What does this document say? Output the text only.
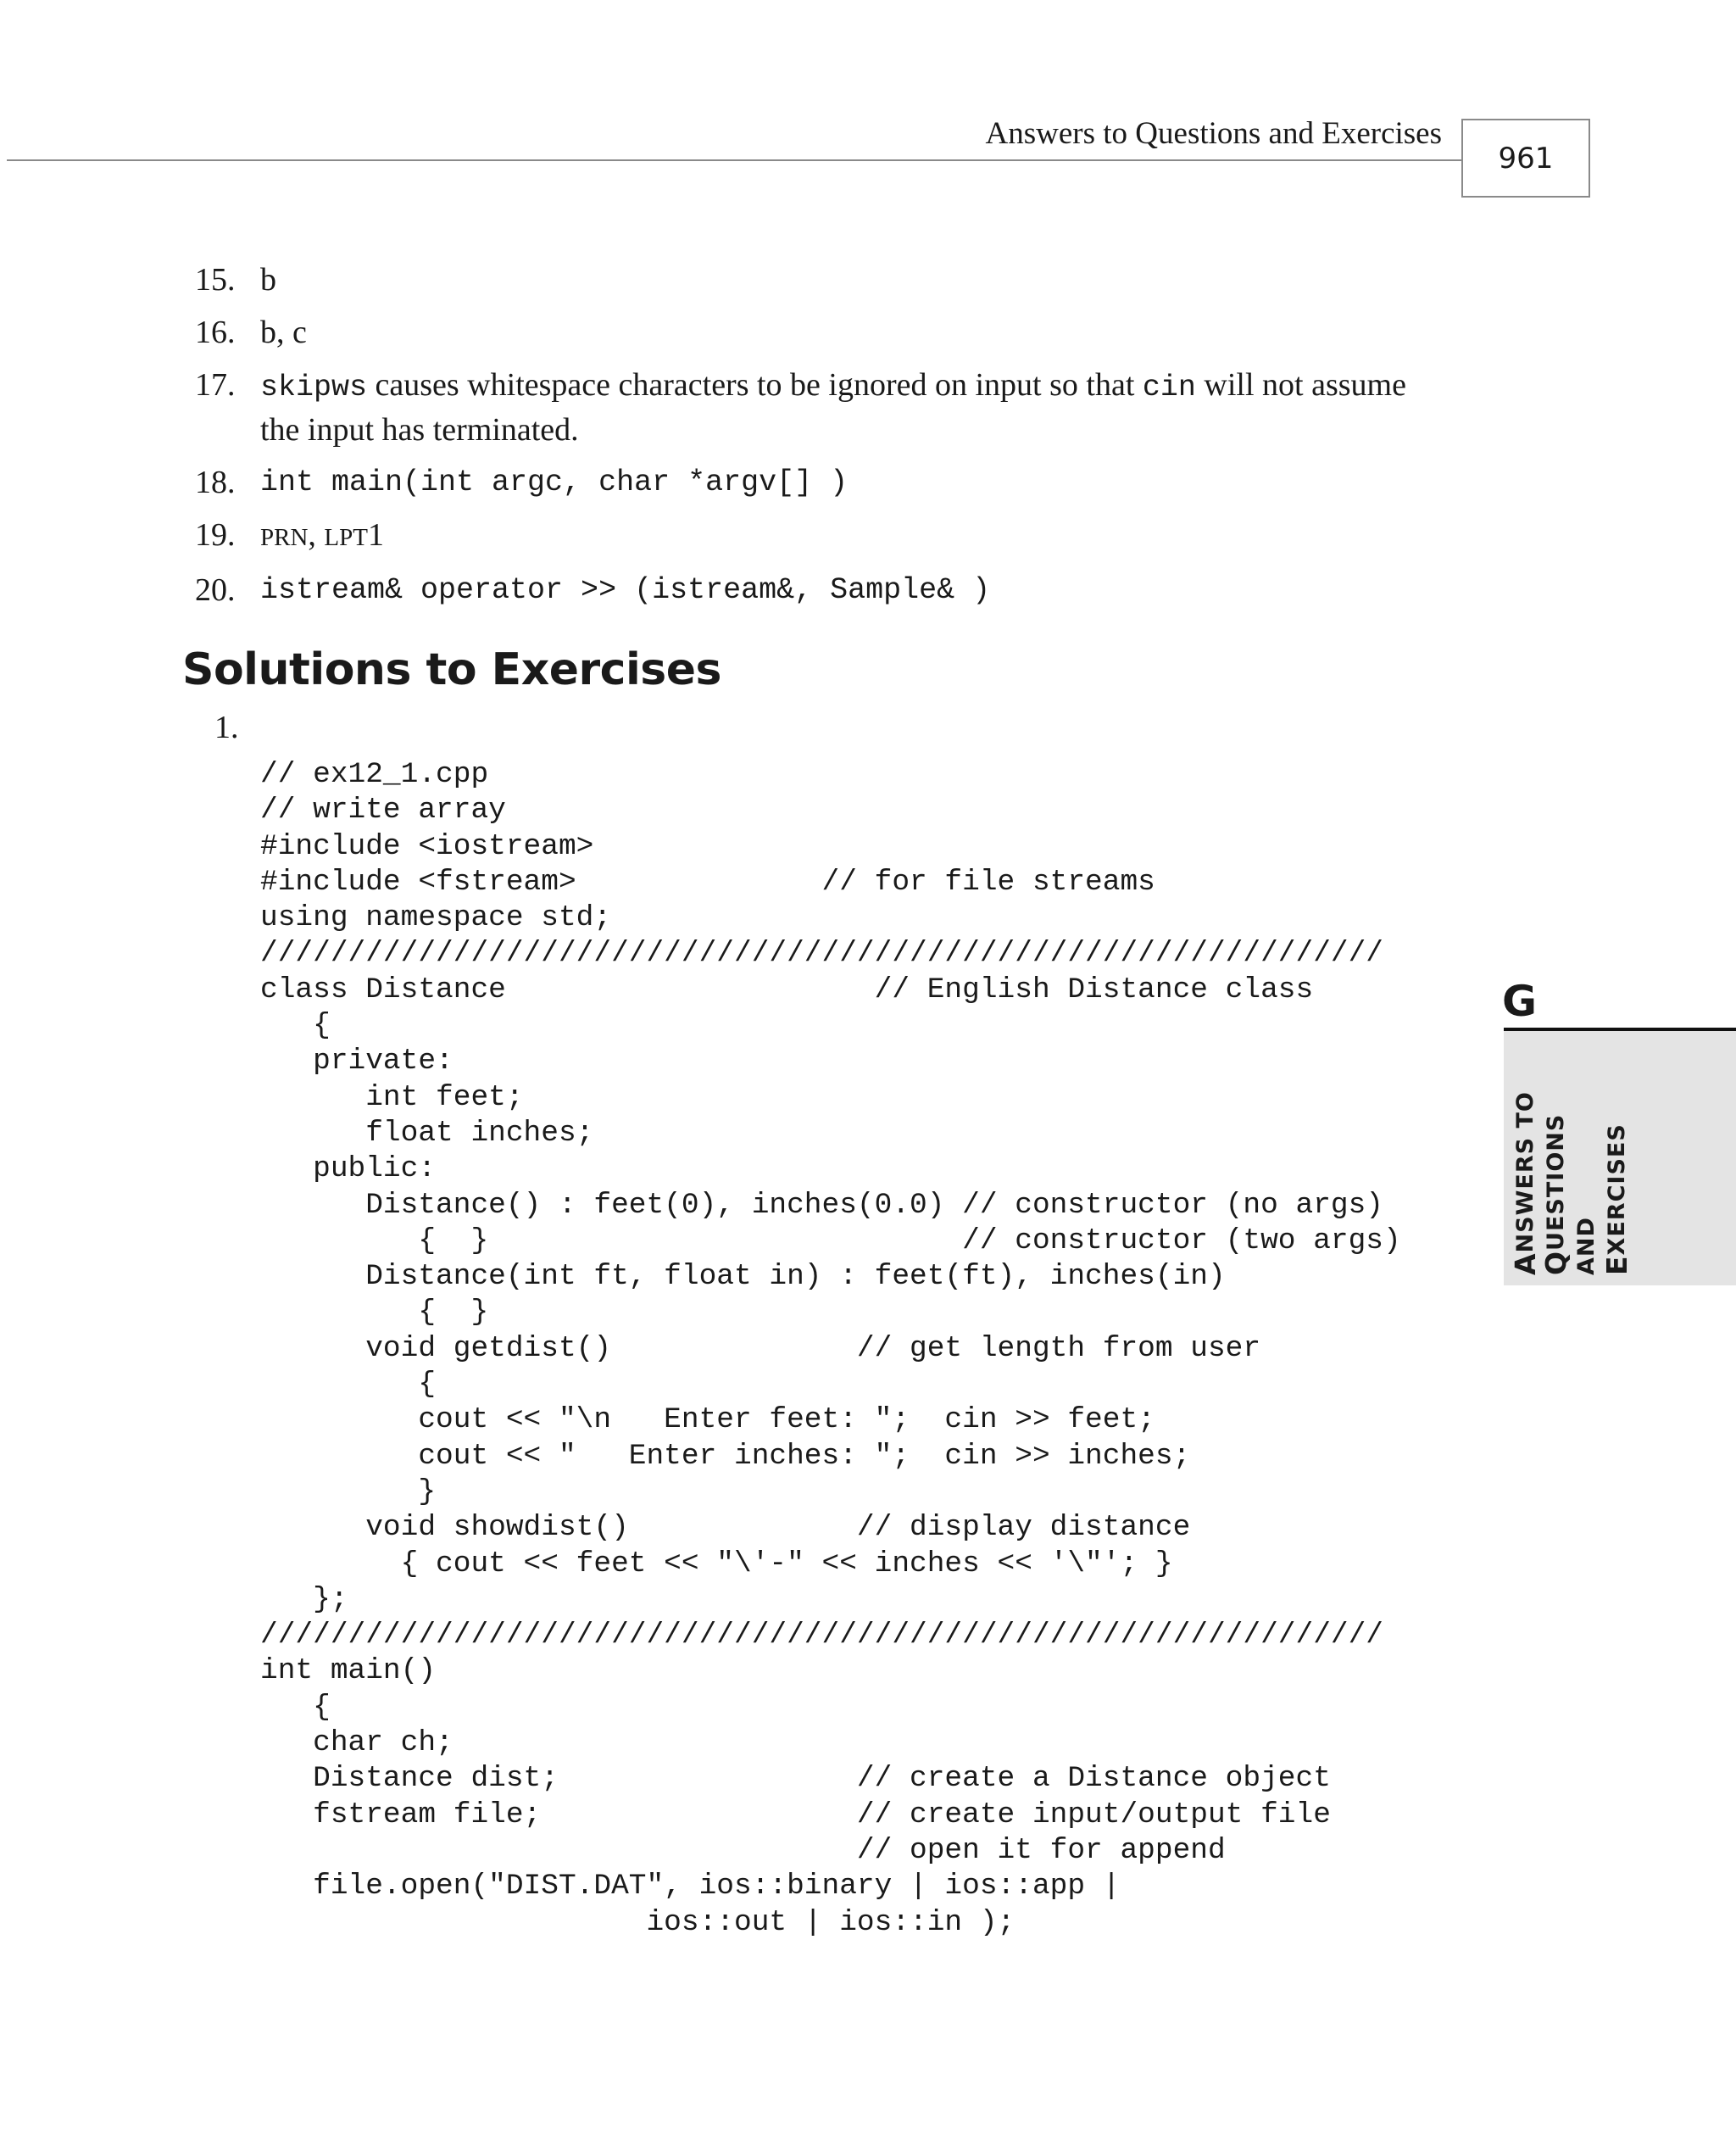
Answers to Questions and Exercises
961
15. b
16. b, c
17. skipws causes whitespace characters to be ignored on input so that cin will not assume the input has terminated.
18. int main(int argc, char *argv[] )
19.	PRN, LPT1
20. istream& operator >> (istream&, Sample& )
Solutions to Exercises
1.
// ex12_1.cpp
// write array
#include <iostream>
#include <fstream>              // for file streams
using namespace std;
////////////////////////////////////////////////////////////////
class Distance                     // English Distance class
{
private:
int feet;
float inches;
public:
Distance() : feet(0), inches(0.0) // constructor (no args)
{  }                           // constructor (two args)
Distance(int ft, float in) : feet(ft), inches(in)
{  }
void getdist()              // get length from user
{
cout << "\n   Enter feet: ";  cin >> feet;
cout << "   Enter inches: ";  cin >> inches;
}
void showdist()             // display distance
{ cout << feet << "\'-" << inches << '\"'; }
};
////////////////////////////////////////////////////////////////
int main()
{
char ch;
Distance dist;                 // create a Distance object
fstream file;                  // create input/output file
// open it for append
file.open("DIST.DAT", ios::binary | ios::app |
ios::out | ios::in );
G
ANSWERS TO
QUESTIONS AND EXERCISES
